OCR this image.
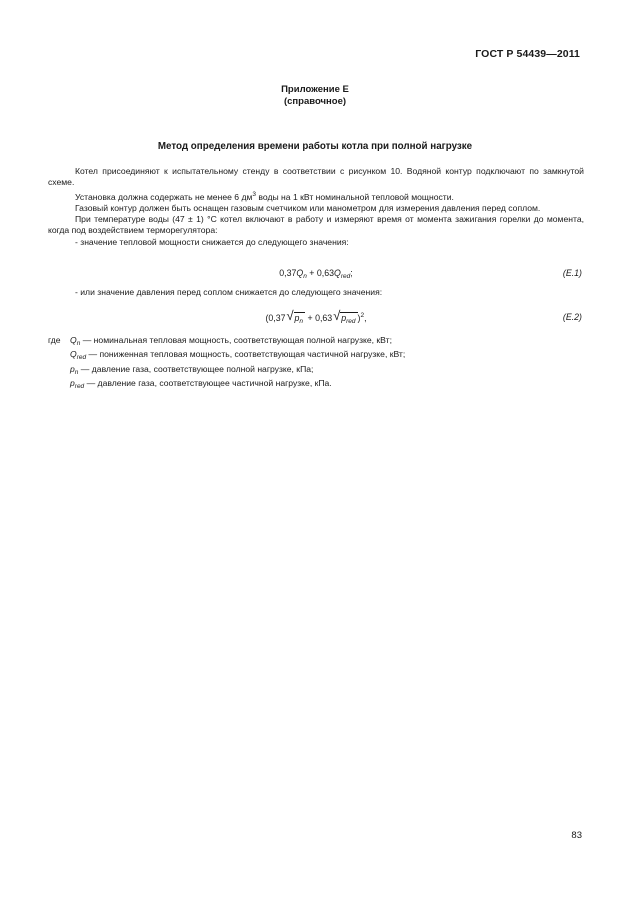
ГОСТ Р 54439—2011
Приложение Е
(справочное)
Метод определения времени работы котла при полной нагрузке

Котел присоединяют к испытательному стенду в соответствии с рисунком 10. Водяной контур подключают по замкнутой схеме.

Установка должна содержать не менее 6 $дм^3$ воды на 1 кВт номинальной тепловой мощности.

Газовый контур должен быть оснащен газовым счетчиком или манометром для измерения давления перед соплом.

При температуре воды (47 ± 1) °С котел включают в работу и измеряют время от момента зажигания горелки до момента, когда под воздействием терморегулятора:

- значение тепловой мощности снижается до следующего значения:

$0,37Q_n + 0,63Q_{red}$;	(Е.1)

- или значение давления перед соплом снижается до следующего значения:

(0,37 √ $p_n + 0,63$ √ $p_{red}$ )$^2$,	(Е.2)
где	$Q_n$ — номинальная тепловая мощность, соответствующая полной нагрузке, кВт;
$Q_{red}$ — пониженная тепловая мощность, соответствующая частичной нагрузке, кВт;
$p_n$ — давление газа, соответствующее полной нагрузке, кПа;
$p_{red}$ — давление газа, соответствующее частичной нагрузке, кПа.
83
